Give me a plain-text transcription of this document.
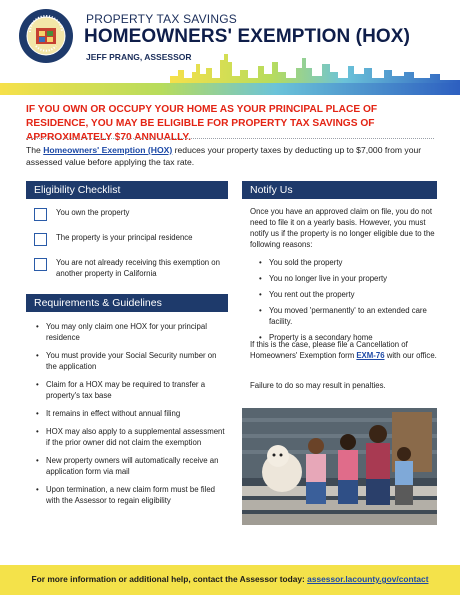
PROPERTY TAX SAVINGS
HOMEOWNERS' EXEMPTION (HOX)
JEFF PRANG, ASSESSOR
IF YOU OWN OR OCCUPY YOUR HOME AS YOUR PRINCIPAL PLACE OF RESIDENCE, YOU MAY BE ELIGIBLE FOR PROPERTY TAX SAVINGS OF APPROXIMATELY $70 ANNUALLY.
The Homeowners' Exemption (HOX) reduces your property taxes by deducting up to $7,000 from your assessed value before applying the tax rate.
Eligibility Checklist
You own the property
The property is your principal residence
You are not already receiving this exemption on another property in California
Requirements & Guidelines
• You may only claim one HOX for your principal residence
• You must provide your Social Security number on the application
• Claim for a HOX may be required to transfer a property's tax base
• It remains in effect without annual filing
• HOX may also apply to a supplemental assessment if the prior owner did not claim the exemption
• New property owners will automatically receive an application form via mail
• Upon termination, a new claim form must be filed with the Assessor to regain eligibility
Notify Us
Once you have an approved claim on file, you do not need to file it on a yearly basis. However, you must notify us if the property is no longer eligible due to the following reasons:
• You sold the property
• You no longer live in your property
• You rent out the property
• You moved 'permanently' to an extended care facility.
• Property is a secondary home
If this is the case, please file a Cancellation of Homeowners' Exemption form EXM-76 with our office.
Failure to do so may result in penalties.
For more information or additional help, contact the Assessor today: assessor.lacounty.gov/contact
